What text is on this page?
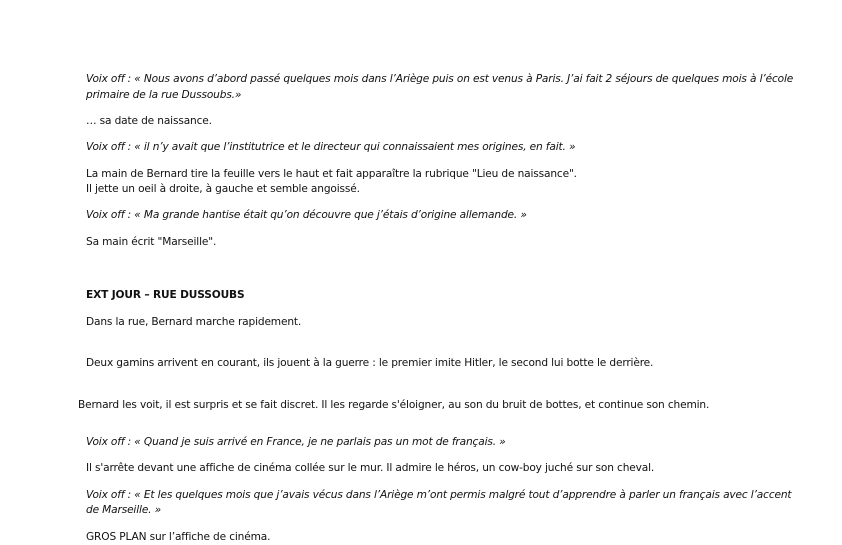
Voix off : « Nous avons d’abord passé quelques mois dans l’Ariège puis on est venus à Paris. J’ai fait 2 séjours de quelques mois à l’école
primaire de la rue Dussoubs.»
… sa date de naissance.
Voix off : « il n’y avait que l’institutrice et le directeur qui connaissaient mes origines, en fait. »
La main de Bernard tire la feuille vers le haut et fait apparaître la rubrique "Lieu de naissance".
Il jette un oeil à droite, à gauche et semble angoissé.
Voix off : « Ma grande hantise était qu’on découvre que j’étais d’origine allemande. »
Sa main écrit "Marseille".
EXT JOUR – RUE DUSSOUBS
Dans la rue, Bernard marche rapidement.
Deux gamins arrivent en courant, ils jouent à la guerre : le premier imite Hitler, le second lui botte le derrière.
Bernard les voit, il est surpris et se fait discret. Il les regarde s'éloigner, au son du bruit de bottes, et continue son chemin.
Voix off : « Quand je suis arrivé en France, je ne parlais pas un mot de français. »
Il s'arrête devant une affiche de cinéma collée sur le mur. Il admire le héros, un cow-boy juché sur son cheval.
Voix off : « Et les quelques mois que j’avais vécus dans l’Ariège m’ont permis malgré tout d’apprendre à parler un français avec l’accent
de Marseille. »
GROS PLAN sur l’affiche de cinéma.
